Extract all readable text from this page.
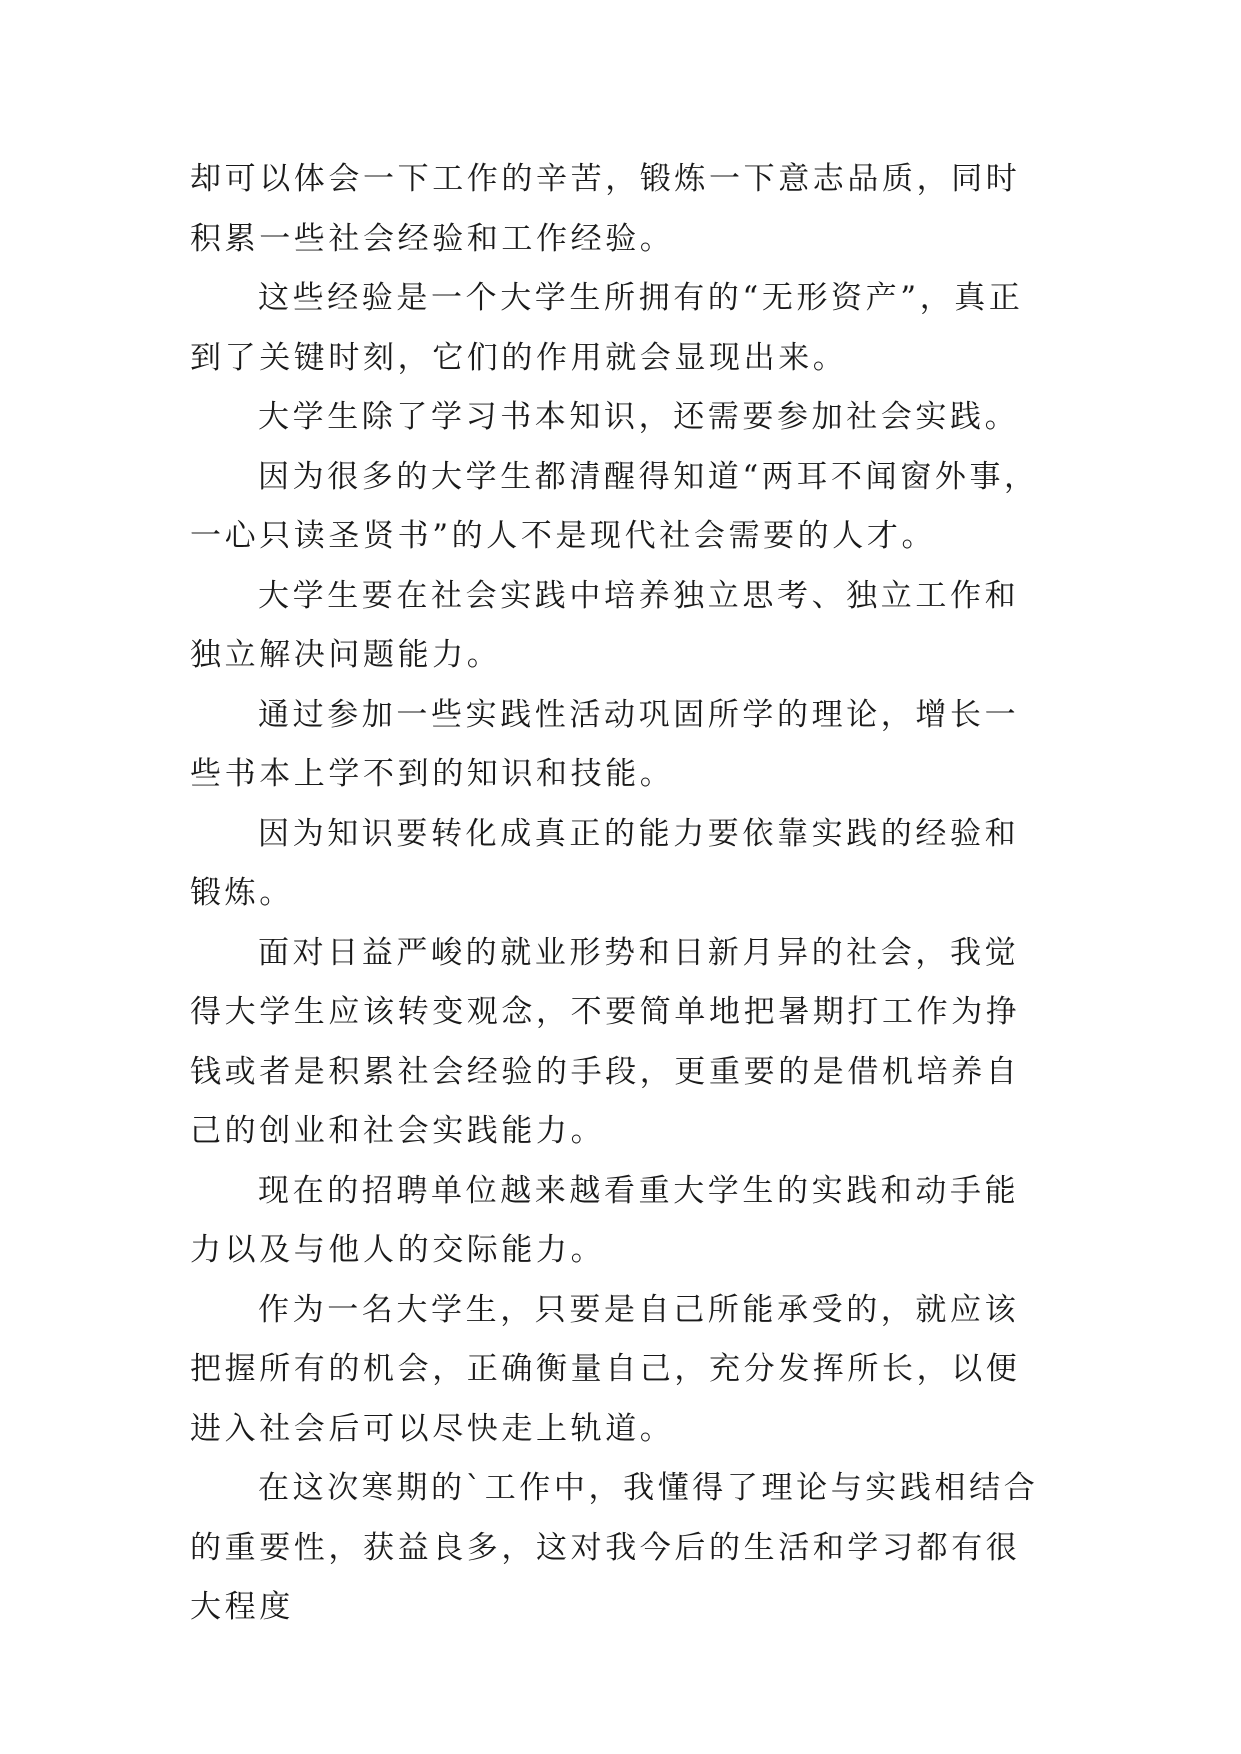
却可以体会一下工作的辛苦，锻炼一下意志品质，同时积累一些社会经验和工作经验。

这些经验是一个大学生所拥有的“无形资产”，真正到了关键时刻，它们的作用就会显现出来。

大学生除了学习书本知识，还需要参加社会实践。

因为很多的大学生都清醒得知道“两耳不闻窗外事，一心只读圣贤书”的人不是现代社会需要的人才。

大学生要在社会实践中培养独立思考、独立工作和独立解决问题能力。

通过参加一些实践性活动巩固所学的理论，增长一些书本上学不到的知识和技能。

因为知识要转化成真正的能力要依靠实践的经验和锻炼。

面对日益严峻的就业形势和日新月异的社会，我觉得大学生应该转变观念，不要简单地把暑期打工作为挣钱或者是积累社会经验的手段，更重要的是借机培养自己的创业和社会实践能力。

现在的招聘单位越来越看重大学生的实践和动手能力以及与他人的交际能力。

作为一名大学生，只要是自己所能承受的，就应该把握所有的机会，正确衡量自己，充分发挥所长，以便进入社会后可以尽快走上轨道。

在这次寒期的`工作中，我懂得了理论与实践相结合的重要性，获益良多，这对我今后的生活和学习都有很大程度
